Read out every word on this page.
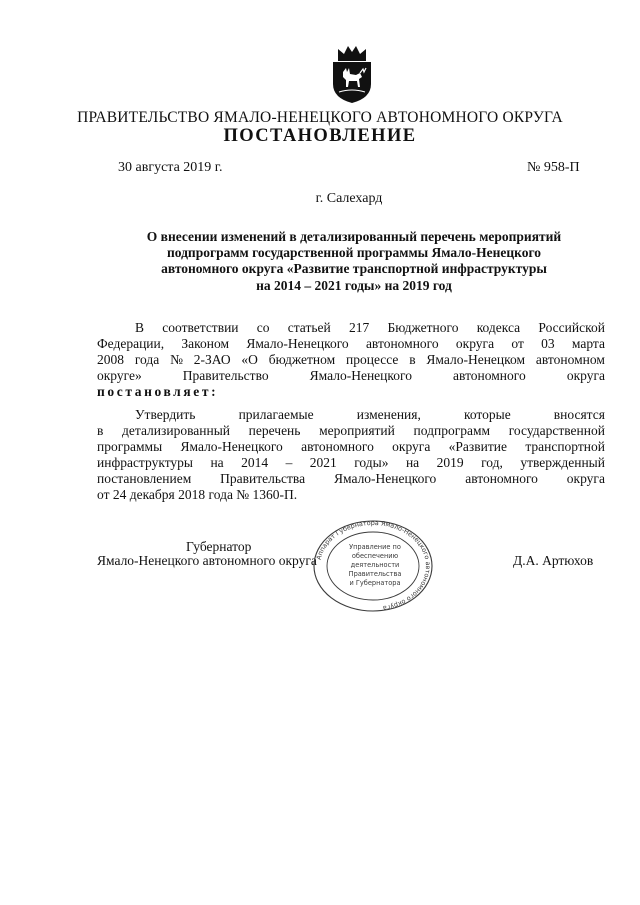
ПРАВИТЕЛЬСТВО ЯМАЛО-НЕНЕЦКОГО АВТОНОМНОГО ОКРУГА
ПОСТАНОВЛЕНИЕ
30 августа 2019 г.	№ 958-П
г. Салехард
О внесении изменений в детализированный перечень мероприятий
подпрограмм государственной программы Ямало-Ненецкого
автономного округа «Развитие транспортной инфраструктуры
на 2014 – 2021 годы» на 2019 год
В соответствии со статьей 217 Бюджетного кодекса Российской
Федерации, Законом Ямало-Ненецкого автономного округа от 03 марта
2008 года № 2-ЗАО «О бюджетном процессе в Ямало-Ненецком автономном
округе»	Правительство	Ямало-Ненецкого	автономного	округа
постановляет:
Утвердить	прилагаемые	изменения,	которые	вносятся
в детализированный перечень мероприятий подпрограмм государственной
программы Ямало-Ненецкого автономного округа «Развитие транспортной
инфраструктуры на 2014 – 2021 годы» на 2019 год, утвержденный
постановлением Правительства Ямало-Ненецкого автономного округа
от 24 декабря 2018 года № 1360-П.
Губернатор
Ямало-Ненецкого автономного округа	Д.А. Артюхов
Аппарат Губернатора Ямало-Ненецкого автономного округа
Управление по
обеспечению
деятельности
Правительства
и Губернатора
